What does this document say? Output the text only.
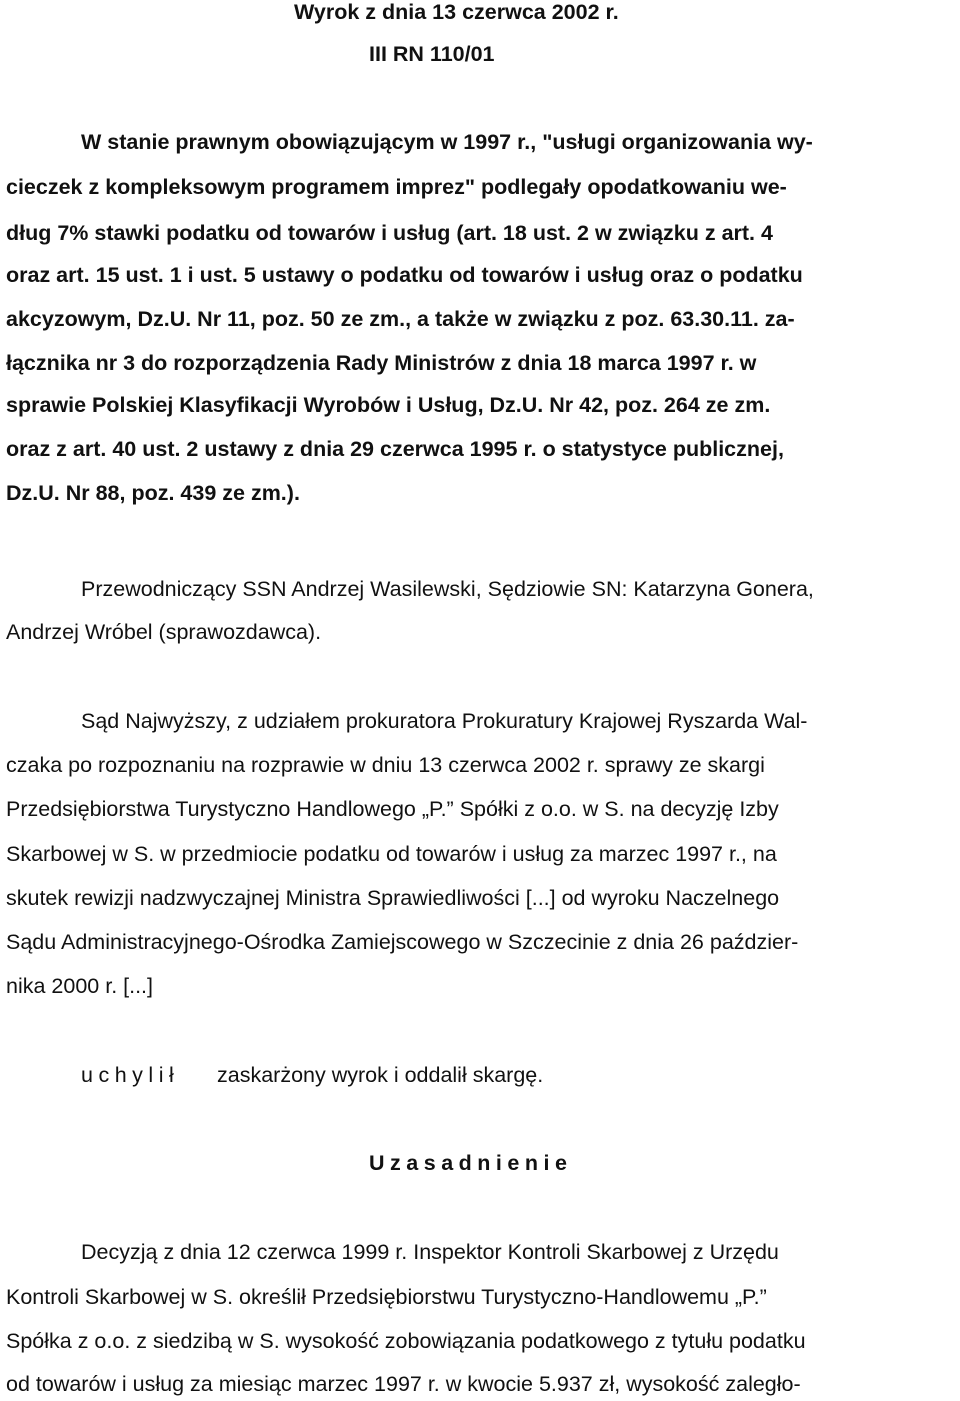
Wyrok z dnia 13 czerwca 2002 r.
III RN 110/01
W stanie prawnym obowiązującym w 1997 r., "usługi organizowania wy-
cieczek z kompleksowym programem imprez" podlegały opodatkowaniu we-
dług 7% stawki podatku od towarów i usług (art. 18 ust. 2 w związku z art. 4
oraz art. 15 ust. 1 i ust. 5 ustawy o podatku od towarów i usług oraz o podatku
akcyzowym, Dz.U. Nr 11, poz. 50 ze zm., a także w związku z poz. 63.30.11. za-
łącznika nr 3 do rozporządzenia Rady Ministrów z dnia 18 marca 1997 r. w
sprawie Polskiej Klasyfikacji Wyrobów i Usług, Dz.U. Nr 42, poz. 264 ze zm.
oraz z art. 40 ust. 2 ustawy z dnia 29 czerwca 1995 r. o statystyce publicznej,
Dz.U. Nr 88, poz. 439 ze zm.).
Przewodniczący SSN Andrzej Wasilewski, Sędziowie SN: Katarzyna Gonera,
Andrzej Wróbel (sprawozdawca).
Sąd Najwyższy, z udziałem prokuratora Prokuratury Krajowej Ryszarda Wal-
czaka po rozpoznaniu na rozprawie w dniu 13 czerwca 2002 r. sprawy ze skargi
Przedsiębiorstwa Turystyczno Handlowego „P.” Spółki z o.o. w S. na decyzję Izby
Skarbowej w S. w przedmiocie podatku od towarów i usług za marzec 1997 r., na
skutek rewizji nadzwyczajnej Ministra Sprawiedliwości [...] od wyroku Naczelnego
Sądu Administracyjnego-Ośrodka Zamiejscowego w Szczecinie z dnia 26 paździer-
nika 2000 r. [...]
uchylił zaskarżony wyrok i oddalił skargę.
Uzasadnienie
Decyzją z dnia 12 czerwca 1999 r. Inspektor Kontroli Skarbowej z Urzędu
Kontroli Skarbowej w S. określił Przedsiębiorstwu Turystyczno-Handlowemu „P.”
Spółka z o.o. z siedzibą w S. wysokość zobowiązania podatkowego z tytułu podatku
od towarów i usług za miesiąc marzec 1997 r. w kwocie 5.937 zł, wysokość zaległo-
